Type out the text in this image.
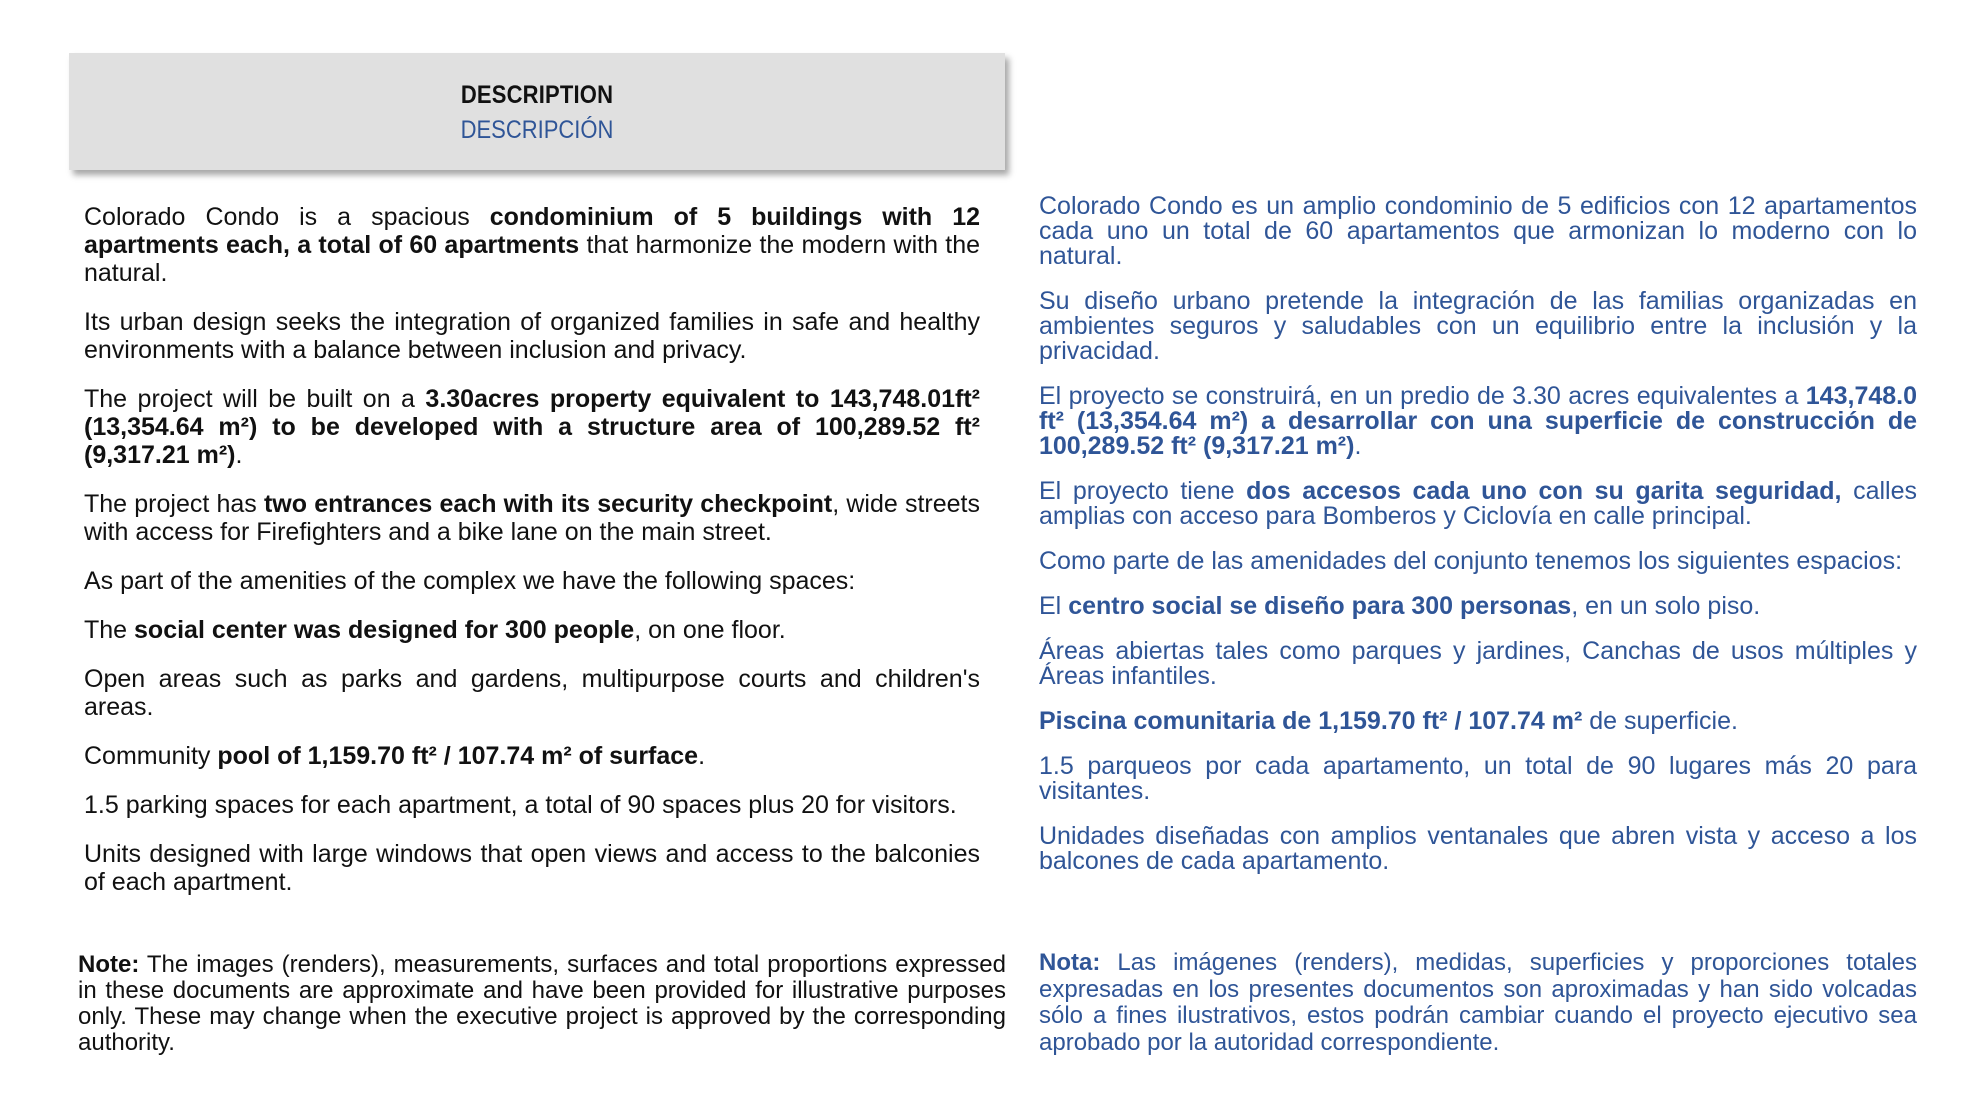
DESCRIPTION
DESCRIPCIÓN

Colorado Condo is a spacious condominium of 5 buildings with 12 apartments each, a total of 60 apartments that harmonize the modern with the natural.

Its urban design seeks the integration of organized families in safe and healthy environments with a balance between inclusion and privacy.

The project will be built on a 3.30acres property equivalent to 143,748.01ft² (13,354.64 m²) to be developed with a structure area of 100,289.52 ft² (9,317.21 m²).

The project has two entrances each with its security checkpoint, wide streets with access for Firefighters and a bike lane on the main street.

As part of the amenities of the complex we have the following spaces:

The social center was designed for 300 people, on one floor.

Open areas such as parks and gardens, multipurpose courts and children's areas.

Community pool of 1,159.70 ft² / 107.74 m² of surface.

1.5 parking spaces for each apartment, a total of 90 spaces plus 20 for visitors.

Units designed with large windows that open views and access to the balconies of each apartment.

Note: The images (renders), measurements, surfaces and total proportions expressed in these documents are approximate and have been provided for illustrative purposes only. These may change when the executive project is approved by the corresponding authority.

Colorado Condo es un amplio condominio de 5 edificios con 12 apartamentos cada uno un total de 60 apartamentos que armonizan lo moderno con lo natural.

Su diseño urbano pretende la integración de las familias organizadas en ambientes seguros y saludables con un equilibrio entre la inclusión y la privacidad.

El proyecto se construirá, en un predio de 3.30 acres equivalentes a 143,748.0 ft² (13,354.64 m²) a desarrollar con una superficie de construcción de 100,289.52 ft² (9,317.21 m²).

El proyecto tiene dos accesos cada uno con su garita seguridad, calles amplias con acceso para Bomberos y Ciclovía en calle principal.

Como parte de las amenidades del conjunto tenemos los siguientes espacios:

El centro social se diseño para 300 personas, en un solo piso.

Áreas abiertas tales como parques y jardines, Canchas de usos múltiples y Áreas infantiles.

Piscina comunitaria de 1,159.70 ft² / 107.74 m² de superficie.

1.5 parqueos por cada apartamento, un total de 90 lugares más 20 para visitantes.

Unidades diseñadas con amplios ventanales que abren vista y acceso a los balcones de cada apartamento.

Nota: Las imágenes (renders), medidas, superficies y proporciones totales expresadas en los presentes documentos son aproximadas y han sido volcadas sólo a fines ilustrativos, estos podrán cambiar cuando el proyecto ejecutivo sea aprobado por la autoridad correspondiente.
